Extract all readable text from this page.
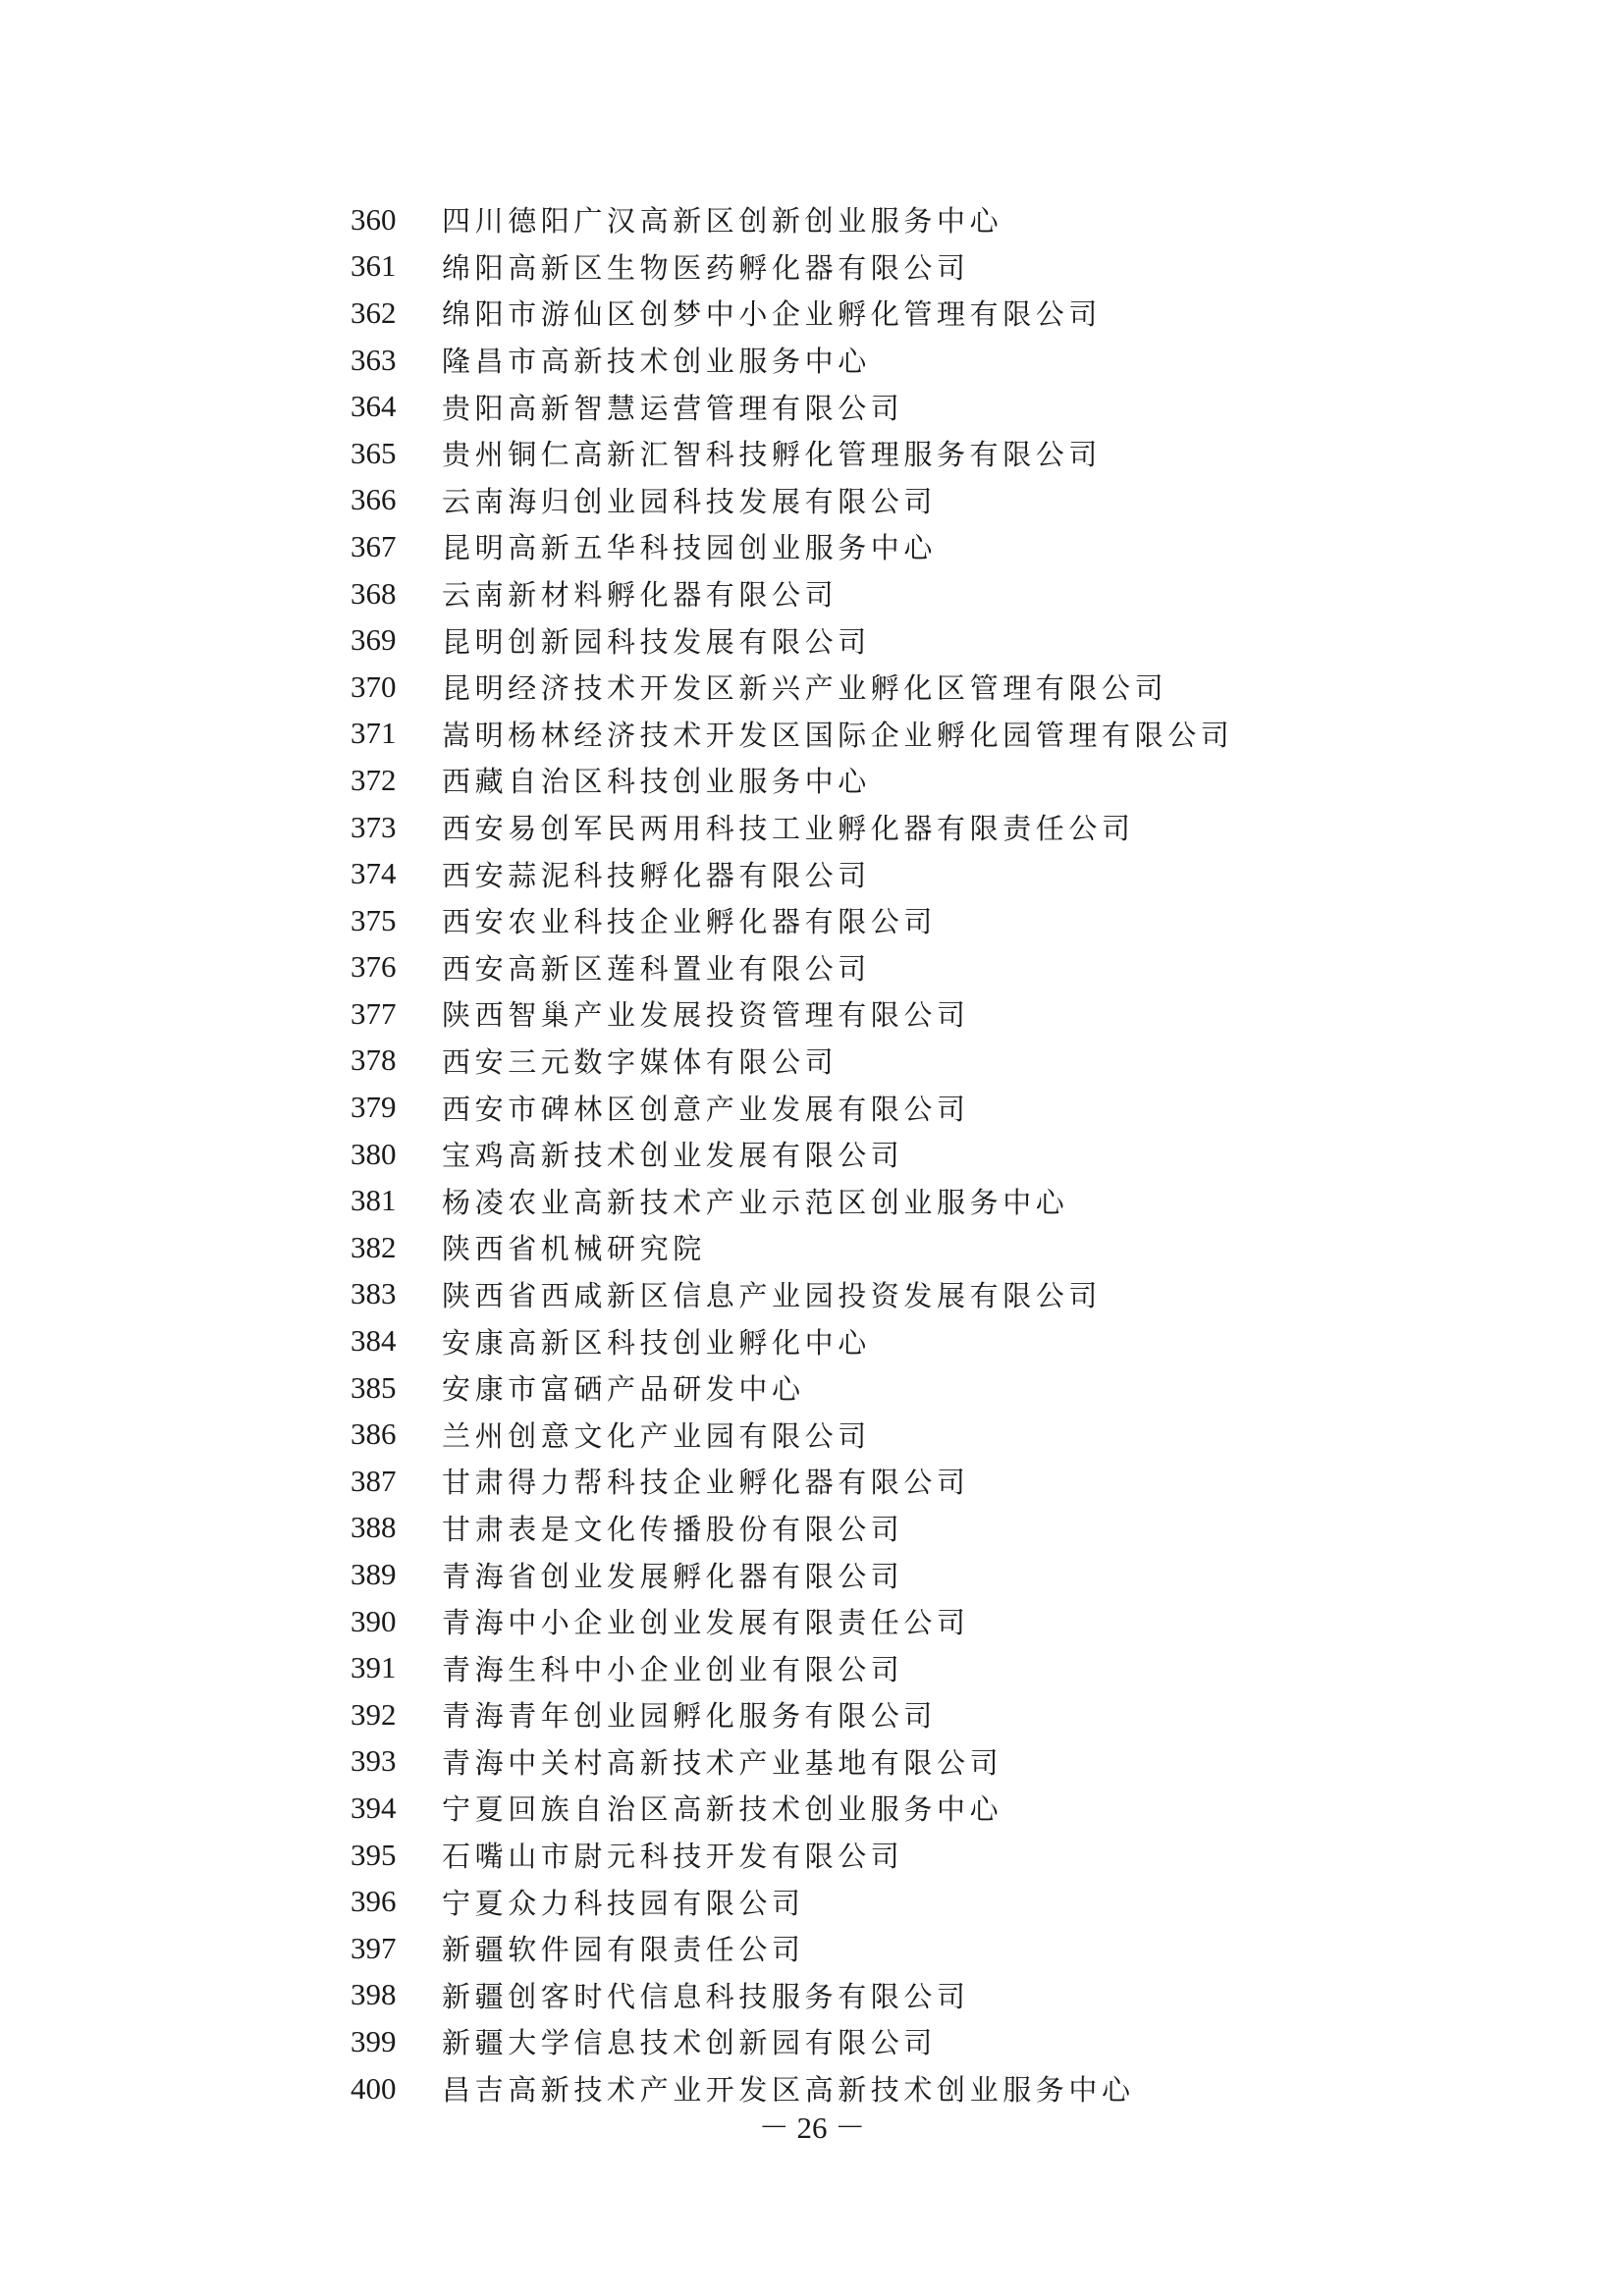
360	四川德阳广汉高新区创新创业服务中心
361	绵阳高新区生物医药孵化器有限公司
362	绵阳市游仙区创梦中小企业孵化管理有限公司
363	隆昌市高新技术创业服务中心
364	贵阳高新智慧运营管理有限公司
365	贵州铜仁高新汇智科技孵化管理服务有限公司
366	云南海归创业园科技发展有限公司
367	昆明高新五华科技园创业服务中心
368	云南新材料孵化器有限公司
369	昆明创新园科技发展有限公司
370	昆明经济技术开发区新兴产业孵化区管理有限公司
371	嵩明杨林经济技术开发区国际企业孵化园管理有限公司
372	西藏自治区科技创业服务中心
373	西安易创军民两用科技工业孵化器有限责任公司
374	西安蒜泥科技孵化器有限公司
375	西安农业科技企业孵化器有限公司
376	西安高新区莲科置业有限公司
377	陕西智巢产业发展投资管理有限公司
378	西安三元数字媒体有限公司
379	西安市碑林区创意产业发展有限公司
380	宝鸡高新技术创业发展有限公司
381	杨凌农业高新技术产业示范区创业服务中心
382	陕西省机械研究院
383	陕西省西咸新区信息产业园投资发展有限公司
384	安康高新区科技创业孵化中心
385	安康市富硒产品研发中心
386	兰州创意文化产业园有限公司
387	甘肃得力帮科技企业孵化器有限公司
388	甘肃表是文化传播股份有限公司
389	青海省创业发展孵化器有限公司
390	青海中小企业创业发展有限责任公司
391	青海生科中小企业创业有限公司
392	青海青年创业园孵化服务有限公司
393	青海中关村高新技术产业基地有限公司
394	宁夏回族自治区高新技术创业服务中心
395	石嘴山市尉元科技开发有限公司
396	宁夏众力科技园有限公司
397	新疆软件园有限责任公司
398	新疆创客时代信息科技服务有限公司
399	新疆大学信息技术创新园有限公司
400	昌吉高新技术产业开发区高新技术创业服务中心
－ 26 －
